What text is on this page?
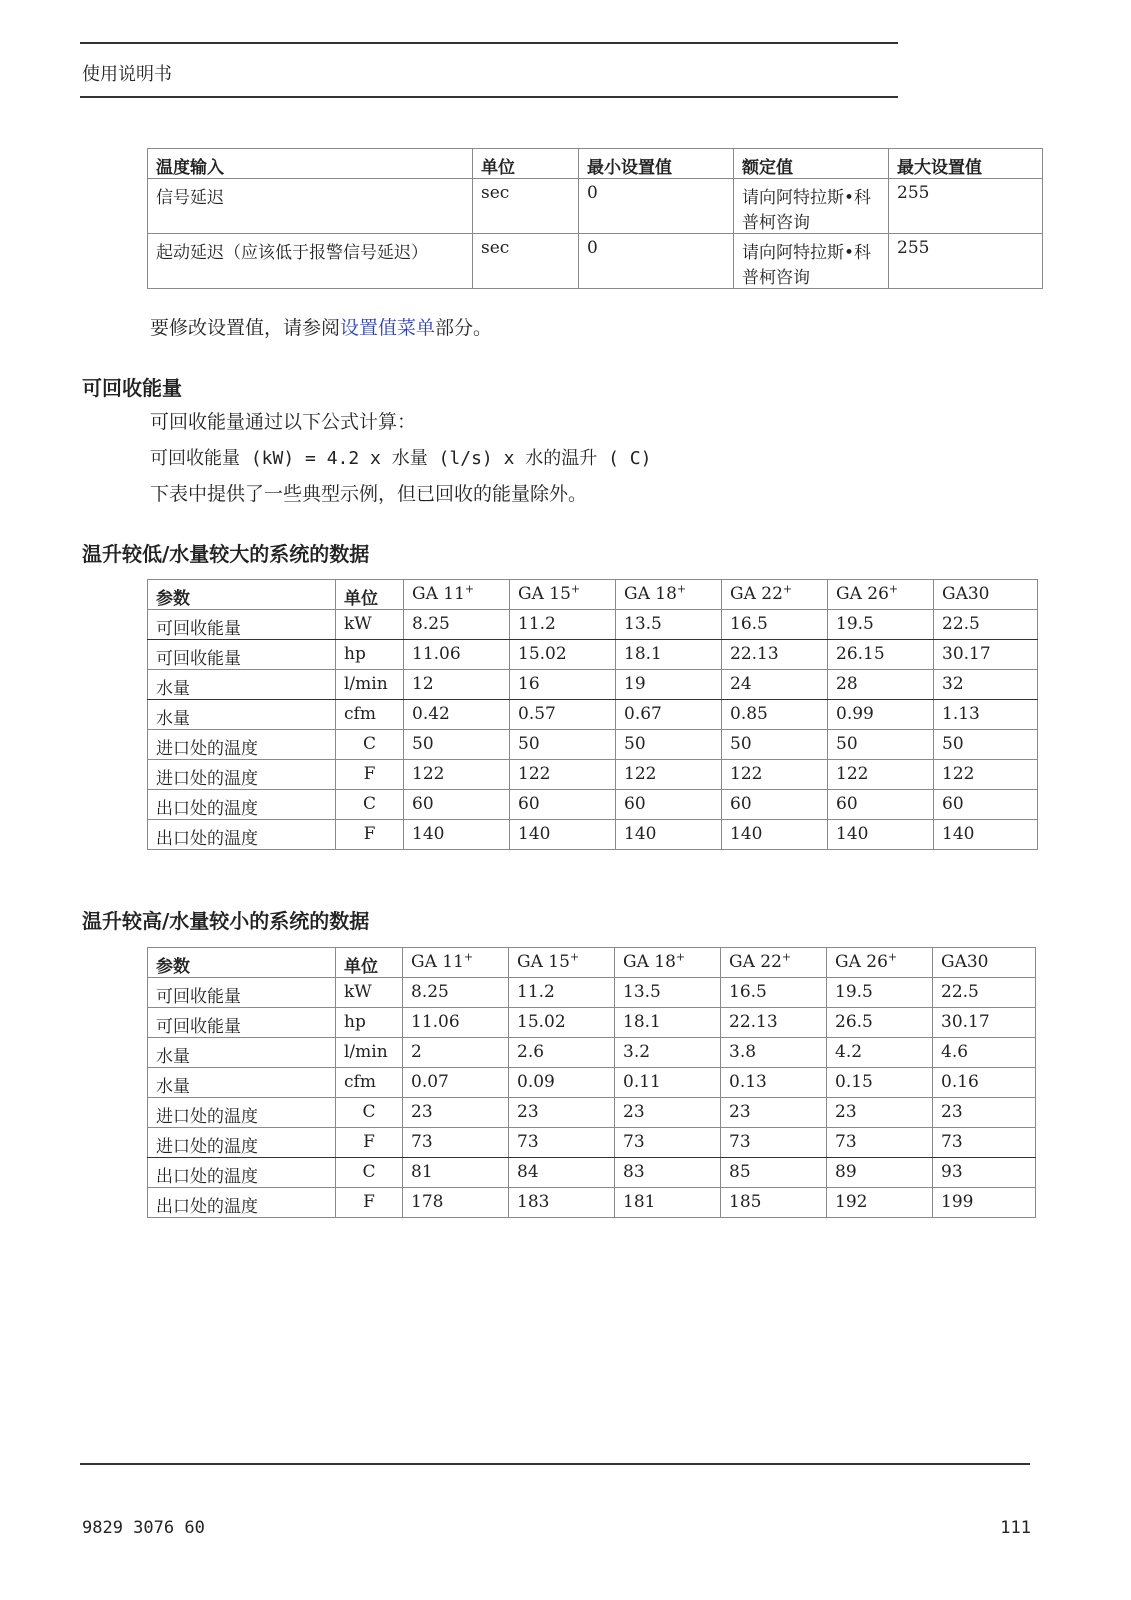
使用说明书
温度输入	单位	最小设置值	额定值	最大设置值
信号延迟	sec	0	请向阿特拉斯•科普柯咨询	255
起动延迟（应该低于报警信号延迟）	sec	0	请向阿特拉斯•科普柯咨询	255
要修改设置值，请参阅设置值菜单部分。
可回收能量
可回收能量通过以下公式计算：
可回收能量 (kW) = 4.2 x 水量 (l/s) x 水的温升 ( C)
下表中提供了一些典型示例，但已回收的能量除外。
温升较低/水量较大的系统的数据
参数	单位	GA 11+	GA 15+	GA 18+	GA 22+	GA 26+	GA30
可回收能量	kW	8.25	11.2	13.5	16.5	19.5	22.5
可回收能量	hp	11.06	15.02	18.1	22.13	26.15	30.17
水量	l/min	12	16	19	24	28	32
水量	cfm	0.42	0.57	0.67	0.85	0.99	1.13
进口处的温度	C	50	50	50	50	50	50
进口处的温度	F	122	122	122	122	122	122
出口处的温度	C	60	60	60	60	60	60
出口处的温度	F	140	140	140	140	140	140
温升较高/水量较小的系统的数据
参数	单位	GA 11+	GA 15+	GA 18+	GA 22+	GA 26+	GA30
可回收能量	kW	8.25	11.2	13.5	16.5	19.5	22.5
可回收能量	hp	11.06	15.02	18.1	22.13	26.5	30.17
水量	l/min	2	2.6	3.2	3.8	4.2	4.6
水量	cfm	0.07	0.09	0.11	0.13	0.15	0.16
进口处的温度	C	23	23	23	23	23	23
进口处的温度	F	73	73	73	73	73	73
出口处的温度	C	81	84	83	85	89	93
出口处的温度	F	178	183	181	185	192	199
9829 3076 60	111
